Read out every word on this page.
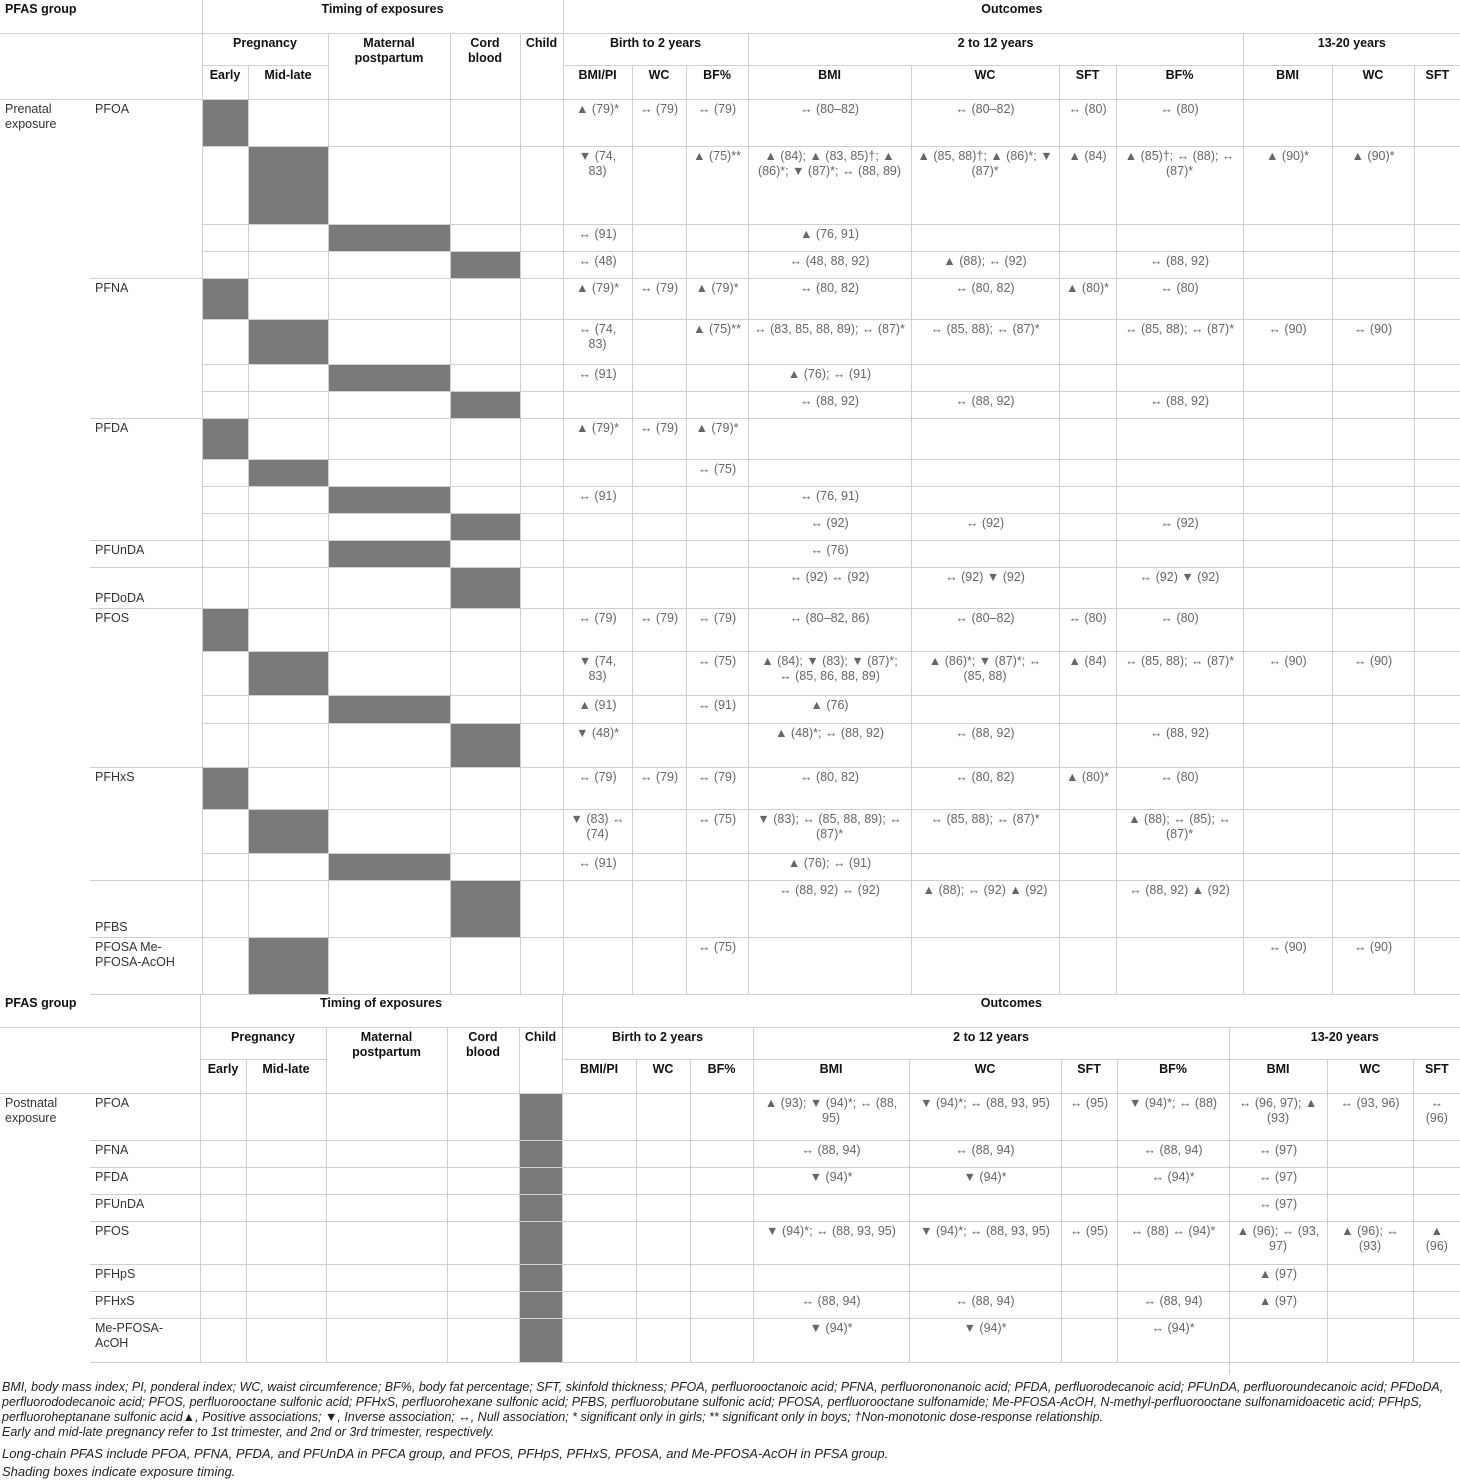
PFAS group		Timing of exposures					Outcomes									
		Pregnancy		Maternal postpartum	Cord blood	Child	Birth to 2 years			2 to 12 years				13-20 years		
		Early	Mid-late				BMI/PI	WC	BF%	BMI	WC	SFT	BF%	BMI	WC	SFT
Prenatal exposure	PFOA						▲ (79)*	↔ (79)	↔ (79)	↔ (80–82)	↔ (80–82)	↔ (80)	↔ (80)			
							▼ (74, 83)		▲ (75)**	▲ (84); ▲ (83, 85)†; ▲ (86)*; ▼ (87)*; ↔ (88, 89)	▲ (85, 88)†; ▲ (86)*; ▼ (87)*	▲ (84)	▲ (85)†; ↔ (88); ↔ (87)*	▲ (90)*	▲ (90)*	
							↔ (91)			▲ (76, 91)						
							↔ (48)			↔ (48, 88, 92)	▲ (88); ↔ (92)		↔ (88, 92)			
	PFNA						▲ (79)*	↔ (79)	▲ (79)*	↔ (80, 82)	↔ (80, 82)	▲ (80)*	↔ (80)			
							↔ (74, 83)		▲ (75)**	↔ (83, 85, 88, 89); ↔ (87)*	↔ (85, 88); ↔ (87)*		↔ (85, 88); ↔ (87)*	↔ (90)	↔ (90)	
							↔ (91)			▲ (76); ↔ (91)						
										↔ (88, 92)	↔ (88, 92)		↔ (88, 92)			
	PFDA						▲ (79)*	↔ (79)	▲ (79)*							
									↔ (75)							
							↔ (91)			↔ (76, 91)						
										↔ (92)	↔ (92)		↔ (92)			
	PFUnDA									↔ (76)						
	PFDoDA									↔ (92) ↔ (92)	↔ (92) ▼ (92)		↔ (92) ▼ (92)			
	PFOS						↔ (79)	↔ (79)	↔ (79)	↔ (80–82, 86)	↔ (80–82)	↔ (80)	↔ (80)			
							▼ (74, 83)		↔ (75)	▲ (84); ▼ (83); ▼ (87)*; ↔ (85, 86, 88, 89)	▲ (86)*; ▼ (87)*; ↔ (85, 88)	▲ (84)	↔ (85, 88); ↔ (87)*	↔ (90)	↔ (90)	
							▲ (91)		↔ (91)	▲ (76)						
							▼ (48)*			▲ (48)*; ↔ (88, 92)	↔ (88, 92)		↔ (88, 92)			
	PFHxS						↔ (79)	↔ (79)	↔ (79)	↔ (80, 82)	↔ (80, 82)	▲ (80)*	↔ (80)			
							▼ (83) ↔ (74)		↔ (75)	▼ (83); ↔ (85, 88, 89); ↔ (87)*	↔ (85, 88); ↔ (87)*		▲ (88); ↔ (85); ↔ (87)*			
							↔ (91)			▲ (76); ↔ (91)						
	PFBS									↔ (88, 92) ↔ (92)	▲ (88); ↔ (92) ▲ (92)		↔ (88, 92) ▲ (92)			
	PFOSA Me-PFOSA-AcOH								↔ (75)					↔ (90)	↔ (90)	
PFAS group		Timing of exposures					Outcomes									
		Pregnancy		Maternal postpartum	Cord blood	Child	Birth to 2 years			2 to 12 years				13-20 years		
		Early	Mid-late				BMI/PI	WC	BF%	BMI	WC	SFT	BF%	BMI	WC	SFT
Postnatal exposure	PFOA									▲ (93); ▼ (94)*; ↔ (88, 95)	▼ (94)*; ↔ (88, 93, 95)	↔ (95)	▼ (94)*; ↔ (88)	↔ (96, 97); ▲ (93)	↔ (93, 96)	↔ (96)
	PFNA									↔ (88, 94)	↔ (88, 94)		↔ (88, 94)	↔ (97)		
	PFDA									▼ (94)*	▼ (94)*		↔ (94)*	↔ (97)		
	PFUnDA													↔ (97)		
	PFOS									▼ (94)*; ↔ (88, 93, 95)	▼ (94)*; ↔ (88, 93, 95)	↔ (95)	↔ (88) ↔ (94)*	▲ (96); ↔ (93, 97)	▲ (96); ↔ (93)	▲ (96)
	PFHpS													▲ (97)		
	PFHxS									↔ (88, 94)	↔ (88, 94)		↔ (88, 94)	▲ (97)		
	Me-PFOSA-AcOH									▼ (94)*	▼ (94)*		↔ (94)*			

BMI, body mass index; PI, ponderal index; WC, waist circumference; BF%, body fat percentage; SFT, skinfold thickness; PFOA, perfluorooctanoic acid; PFNA, perfluorononanoic acid; PFDA, perfluorodecanoic acid; PFUnDA, perfluoroundecanoic acid; PFDoDA, perfluorododecanoic acid; PFOS, perfluorooctane sulfonic acid; PFHxS, perfluorohexane sulfonic acid; PFBS, perfluorobutane sulfonic acid; PFOSA, perfluorooctane sulfonamide; Me-PFOSA-AcOH, N-methyl-perfluorooctane sulfonamidoacetic acid; PFHpS, perfluoroheptanane sulfonic acid▲, Positive associations; ▼, Inverse association; ↔, Null association; * significant only in girls; ** significant only in boys; †Non-monotonic dose-response relationship.

Early and mid-late pregnancy refer to 1st trimester, and 2nd or 3rd trimester, respectively.

Long-chain PFAS include PFOA, PFNA, PFDA, and PFUnDA in PFCA group, and PFOS, PFHpS, PFHxS, PFOSA, and Me-PFOSA-AcOH in PFSA group.

Shading boxes indicate exposure timing.
